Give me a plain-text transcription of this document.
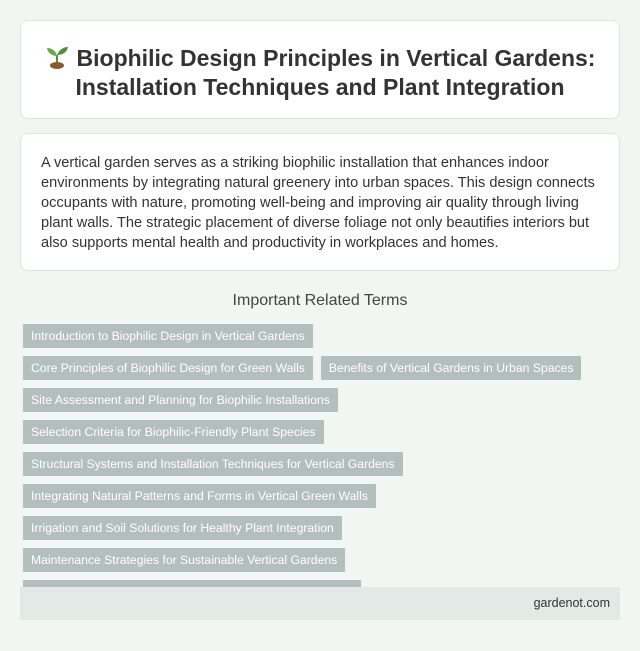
Biophilic Design Principles in Vertical Gardens: Installation Techniques and Plant Integration

A vertical garden serves as a striking biophilic installation that enhances indoor environments by integrating natural greenery into urban spaces. This design connects occupants with nature, promoting well-being and improving air quality through living plant walls. The strategic placement of diverse foliage not only beautifies interiors but also supports mental health and productivity in workplaces and homes.

Important Related Terms
Introduction to Biophilic Design in Vertical Gardens
Core Principles of Biophilic Design for Green Walls	Benefits of Vertical Gardens in Urban Spaces
Site Assessment and Planning for Biophilic Installations
Selection Criteria for Biophilic-Friendly Plant Species
Structural Systems and Installation Techniques for Vertical Gardens
Integrating Natural Patterns and Forms in Vertical Green Walls
Irrigation and Soil Solutions for Healthy Plant Integration
Maintenance Strategies for Sustainable Vertical Gardens
gardenot.com
